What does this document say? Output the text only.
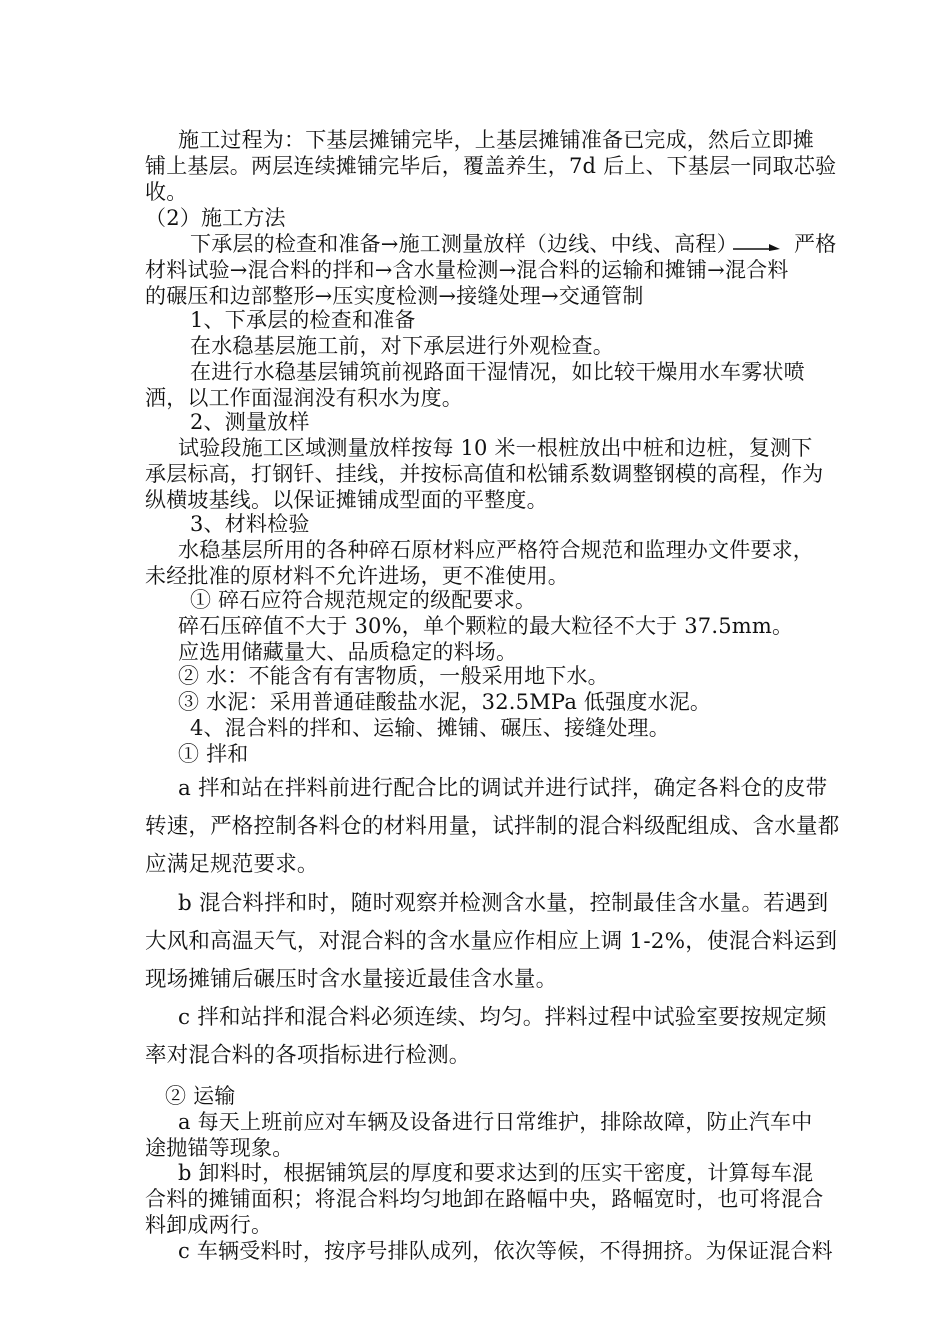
施工过程为：下基层摊铺完毕，上基层摊铺准备已完成，然后立即摊
铺上基层。两层连续摊铺完毕后，覆盖养生，7d 后上、下基层一同取芯验
收。
（2）施工方法
下承层的检查和准备→施工测量放样（边线、中线、高程）	严格
材料试验→混合料的拌和→含水量检测→混合料的运输和摊铺→混合料
的碾压和边部整形→压实度检测→接缝处理→交通管制
1、下承层的检查和准备
在水稳基层施工前，对下承层进行外观检查。
在进行水稳基层铺筑前视路面干湿情况，如比较干燥用水车雾状喷
洒，以工作面湿润没有积水为度。
2、测量放样
试验段施工区域测量放样按每 10 米一根桩放出中桩和边桩，复测下
承层标高，打钢钎、挂线，并按标高值和松铺系数调整钢模的高程，作为
纵横坡基线。以保证摊铺成型面的平整度。
3、材料检验
水稳基层所用的各种碎石原材料应严格符合规范和监理办文件要求，
未经批准的原材料不允许进场，更不准使用。
① 碎石应符合规范规定的级配要求。
碎石压碎值不大于 30%，单个颗粒的最大粒径不大于 37.5mm。
应选用储藏量大、品质稳定的料场。
② 水：不能含有有害物质，一般采用地下水。
③ 水泥：采用普通硅酸盐水泥，32.5MPa 低强度水泥。
4、混合料的拌和、运输、摊铺、碾压、接缝处理。
① 拌和
a 拌和站在拌料前进行配合比的调试并进行试拌，确定各料仓的皮带
转速，严格控制各料仓的材料用量，试拌制的混合料级配组成、含水量都
应满足规范要求。
b 混合料拌和时，随时观察并检测含水量，控制最佳含水量。若遇到
大风和高温天气，对混合料的含水量应作相应上调 1-2%，使混合料运到
现场摊铺后碾压时含水量接近最佳含水量。
c 拌和站拌和混合料必须连续、均匀。拌料过程中试验室要按规定频
率对混合料的各项指标进行检测。
② 运输
a 每天上班前应对车辆及设备进行日常维护，排除故障，防止汽车中
途抛锚等现象。
b 卸料时，根据铺筑层的厚度和要求达到的压实干密度，计算每车混
合料的摊铺面积；将混合料均匀地卸在路幅中央，路幅宽时，也可将混合
料卸成两行。
c 车辆受料时，按序号排队成列，依次等候，不得拥挤。为保证混合料
